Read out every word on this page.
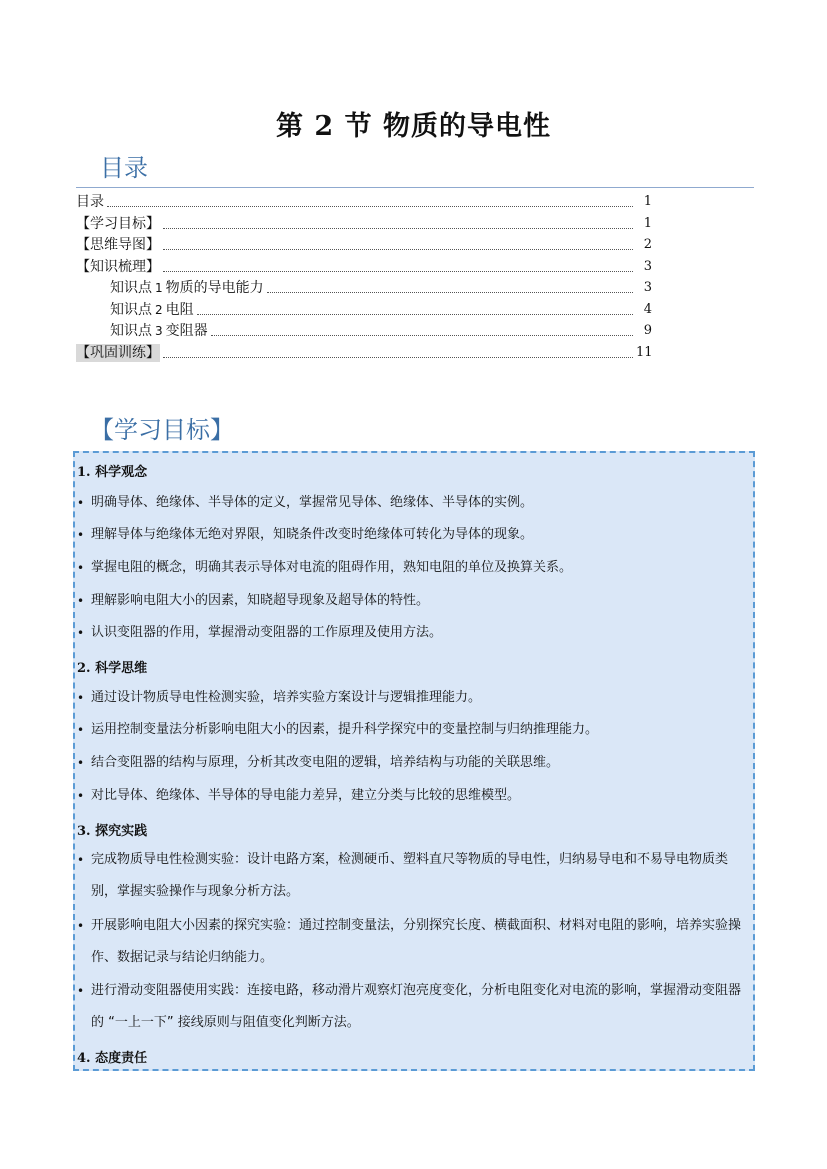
第 2 节 物质的导电性
目录
目录	1
【学习目标】	1
【思维导图】	2
【知识梳理】	3
知识点 1 物质的导电能力	3
知识点 2 电阻	4
知识点 3 变阻器	9
【巩固训练】	11
【学习目标】
1. 科学观念
• 明确导体、绝缘体、半导体的定义，掌握常见导体、绝缘体、半导体的实例。
• 理解导体与绝缘体无绝对界限，知晓条件改变时绝缘体可转化为导体的现象。
• 掌握电阻的概念，明确其表示导体对电流的阻碍作用，熟知电阻的单位及换算关系。
• 理解影响电阻大小的因素，知晓超导现象及超导体的特性。
• 认识变阻器的作用，掌握滑动变阻器的工作原理及使用方法。
2. 科学思维
• 通过设计物质导电性检测实验，培养实验方案设计与逻辑推理能力。
• 运用控制变量法分析影响电阻大小的因素，提升科学探究中的变量控制与归纳推理能力。
• 结合变阻器的结构与原理，分析其改变电阻的逻辑，培养结构与功能的关联思维。
• 对比导体、绝缘体、半导体的导电能力差异，建立分类与比较的思维模型。
3. 探究实践
• 完成物质导电性检测实验：设计电路方案，检测硬币、塑料直尺等物质的导电性，归纳易导电和不易导电物质类别，掌握实验操作与现象分析方法。
• 开展影响电阻大小因素的探究实验：通过控制变量法，分别探究长度、横截面积、材料对电阻的影响，培养实验操作、数据记录与结论归纳能力。
• 进行滑动变阻器使用实践：连接电路，移动滑片观察灯泡亮度变化，分析电阻变化对电流的影响，掌握滑动变阻器的 “一上一下” 接线原则与阻值变化判断方法。
4. 态度责任
